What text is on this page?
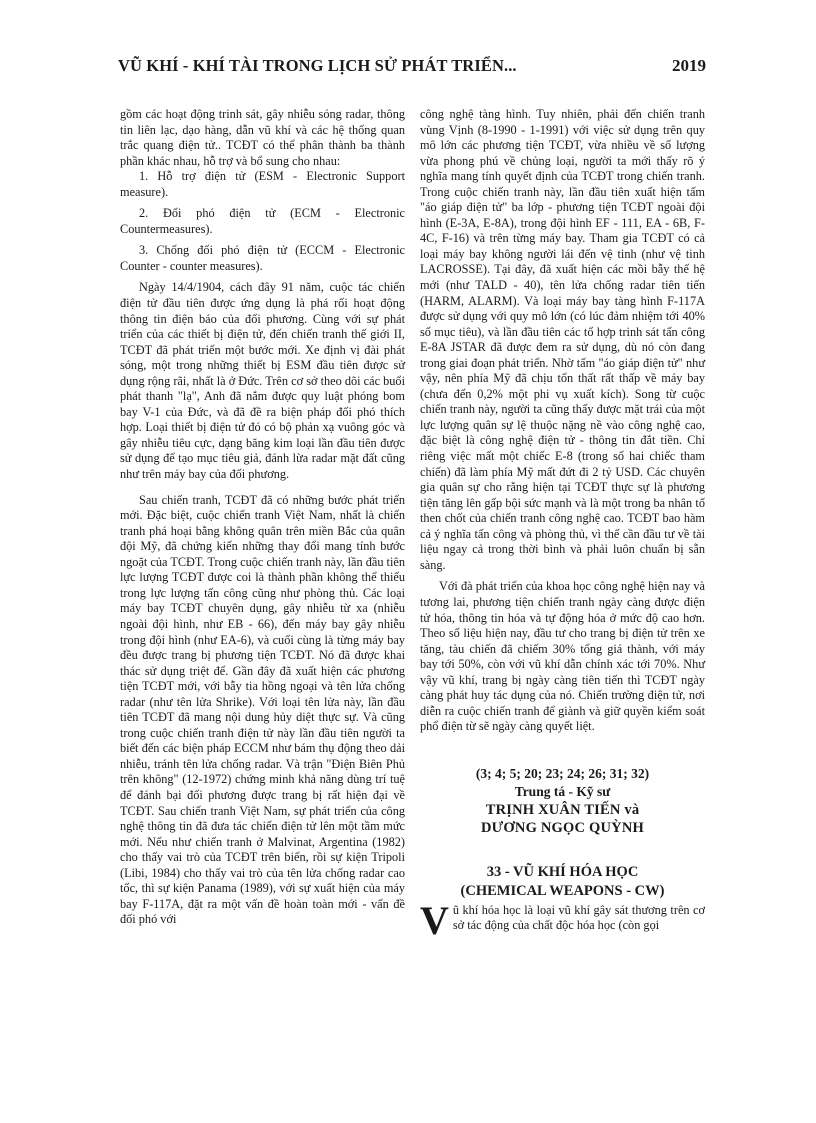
VŨ KHÍ - KHÍ TÀI TRONG LỊCH SỬ PHÁT TRIỂN...	2019

gồm các hoạt động trinh sát, gây nhiễu sóng radar, thông tin liên lạc, dạo hàng, dẫn vũ khí và các hệ thống quan trắc quang điện tử.. TCĐT có thể phân thành ba thành phần khác nhau, hỗ trợ và bổ sung cho nhau:

1. Hỗ trợ điện tử (ESM - Electronic Support measure).

2. Đối phó điện tử (ECM - Electronic Countermeasures).

3. Chống đối phó điện tử (ECCM - Electronic Counter - counter measures).

Ngày 14/4/1904, cách đây 91 năm, cuộc tác chiến điện tử đầu tiên được ứng dụng là phá rối hoạt động thông tin điện báo của đối phương. Cùng với sự phát triển của các thiết bị điện tử, đến chiến tranh thế giới II, TCĐT đã phát triển một bước mới. Xe định vị đài phát sóng, một trong những thiết bị ESM đầu tiên được sử dụng rộng rãi, nhất là ở Đức. Trên cơ sở theo dõi các buổi phát thanh "lạ", Anh đã nắm được quy luật phóng bom bay V-1 của Đức, và đã đề ra biện pháp đối phó thích hợp. Loại thiết bị điện tử đó có bộ phản xạ vuông góc và gây nhiễu tiêu cực, dạng băng kim loại lần đầu tiên được sử dụng để tạo mục tiêu giả, đánh lừa radar mặt đất cũng như trên máy bay của đối phương.

Sau chiến tranh, TCĐT đã có những bước phát triển mới. Đặc biệt, cuộc chiến tranh Việt Nam, nhất là chiến tranh phá hoại bằng không quân trên miền Bắc của quân đội Mỹ, đã chứng kiến những thay đổi mang tính bước ngoặt của TCĐT. Trong cuộc chiến tranh này, lần đầu tiên lực lượng TCĐT được coi là thành phần không thể thiếu trong lực lượng tấn công cũng như phòng thủ. Các loại máy bay TCĐT chuyên dụng, gây nhiễu từ xa (nhiễu ngoài đội hình, như EB - 66), đến máy bay gây nhiễu trong đội hình (như EA-6), và cuối cùng là từng máy bay đều được trang bị phương tiện TCĐT. Nó đã được khai thác sử dụng triệt để. Gần đây đã xuất hiện các phương tiện TCĐT mới, với bẫy tia hồng ngoại và tên lửa chống radar (như tên lửa Shrike). Với loại tên lửa này, lần đầu tiên TCĐT đã mang nội dung hủy diệt thực sự. Và cũng trong cuộc chiến tranh điện tử này lần đầu tiên người ta biết đến các biện pháp ECCM như bám thụ động theo dải nhiễu, tránh tên lửa chống radar. Và trận "Điện Biên Phủ trên không" (12-1972) chứng minh khả năng dùng trí tuệ để đánh bại đối phương được trang bị rất hiện đại về TCĐT. Sau chiến tranh Việt Nam, sự phát triển của công nghệ thông tin đã đưa tác chiến điện tử lên một tầm mức mới. Nếu như chiến tranh ở Malvinat, Argentina (1982) cho thấy vai trò của TCĐT trên biển, rồi sự kiện Tripoli (Libi, 1984) cho thấy vai trò của tên lửa chống radar cao tốc, thì sự kiện Panama (1989), với sự xuất hiện của máy bay F-117A, đặt ra một vấn đề hoàn toàn mới - vấn đề đối phó với

công nghệ tàng hình. Tuy nhiên, phải đến chiến tranh vùng Vịnh (8-1990 - 1-1991) với việc sử dụng trên quy mô lớn các phương tiện TCĐT, vừa nhiều về số lượng vừa phong phú về chủng loại, người ta mới thấy rõ ý nghĩa mang tính quyết định của TCĐT trong chiến tranh. Trong cuộc chiến tranh này, lần đầu tiên xuất hiện tấm "áo giáp điện tử" ba lớp - phương tiện TCĐT ngoài đội hình (E-3A, E-8A), trong đội hình EF - 111, EA - 6B, F-4C, F-16) và trên từng máy bay. Tham gia TCĐT có cả loại máy bay không người lái đến vệ tinh (như vệ tinh LACROSSE). Tại đây, đã xuất hiện các mồi bẫy thế hệ mới (như TALD - 40), tên lửa chống radar tiên tiến (HARM, ALARM). Và loại máy bay tàng hình F-117A được sử dụng với quy mô lớn (có lúc đảm nhiệm tới 40% số mục tiêu), và lần đầu tiên các tổ hợp trinh sát tấn công E-8A JSTAR đã được đem ra sử dụng, dù nó còn đang trong giai đoạn phát triển. Nhờ tấm "áo giáp điện tử" như vậy, nên phía Mỹ đã chịu tổn thất rất thấp về máy bay (chưa đến 0,2% một phi vụ xuất kích). Song từ cuộc chiến tranh này, người ta cũng thấy được mặt trái của một lực lượng quân sự lệ thuộc nặng nề vào công nghệ cao, đặc biệt là công nghệ điện tử - thông tin đắt tiền. Chỉ riêng việc mất một chiếc E-8 (trong số hai chiếc tham chiến) đã làm phía Mỹ mất đứt đi 2 tỷ USD. Các chuyên gia quân sự cho rằng hiện tại TCĐT thực sự là phương tiện tăng lên gấp bội sức mạnh và là một trong ba nhân tố then chốt của chiến tranh công nghệ cao. TCĐT bao hàm cả ý nghĩa tấn công và phòng thủ, vì thế cần đầu tư về tài liệu ngay cả trong thời bình và phải luôn chuẩn bị sẵn sàng.

Với đà phát triển của khoa học công nghệ hiện nay và tương lai, phương tiện chiến tranh ngày càng được điện tử hóa, thông tin hóa và tự động hóa ở mức độ cao hơn. Theo số liệu hiện nay, đầu tư cho trang bị điện tử trên xe tăng, tàu chiến đã chiếm 30% tổng giá thành, với máy bay tới 50%, còn với vũ khí dẫn chính xác tới 70%. Như vậy vũ khí, trang bị ngày càng tiên tiến thì TCĐT ngày càng phát huy tác dụng của nó. Chiến trường điện tử, nơi diễn ra cuộc chiến tranh để giành và giữ quyền kiểm soát phổ điện từ sẽ ngày càng quyết liệt.

(3; 4; 5; 20; 23; 24; 26; 31; 32)
Trung tá - Kỹ sư
TRỊNH XUÂN TIẾN và
DƯƠNG NGỌC QUỲNH
33 - VŨ KHÍ HÓA HỌC
(CHEMICAL WEAPONS - CW)

Vũ khí hóa học là loại vũ khí gây sát thương trên cơ sở tác động của chất độc hóa học (còn gọi
